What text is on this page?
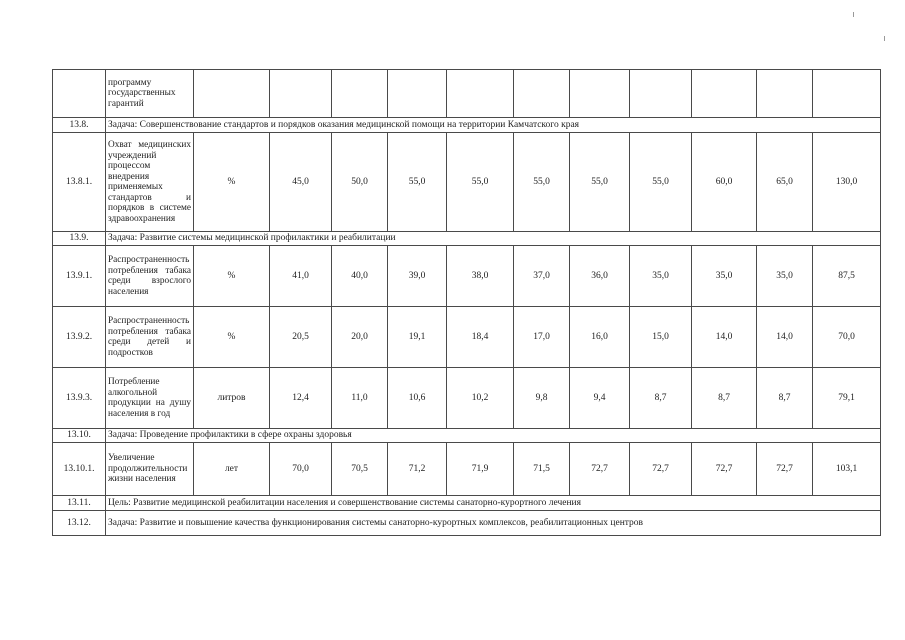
	программу государственных гарантий											
13.8.	Задача: Совершенствование стандартов и порядков оказания медицинской помощи на территории Камчатского края											
13.8.1.	Охват медицинских учреждений процессом внедрения применяемых стандартов и порядков в системе здравоохранения	%	45,0	50,0	55,0	55,0	55,0	55,0	55,0	60,0	65,0	130,0
13.9.	Задача: Развитие системы медицинской профилактики и реабилитации											
13.9.1.	Распространенность потребления табака среди взрослого населения	%	41,0	40,0	39,0	38,0	37,0	36,0	35,0	35,0	35,0	87,5
13.9.2.	Распространенность потребления табака среди детей и подростков	%	20,5	20,0	19,1	18,4	17,0	16,0	15,0	14,0	14,0	70,0
13.9.3.	Потребление алкогольной продукции на душу населения в год	литров	12,4	11,0	10,6	10,2	9,8	9,4	8,7	8,7	8,7	79,1
13.10.	Задача: Проведение профилактики в сфере охраны здоровья											
13.10.1.	Увеличение продолжительности жизни населения	лет	70,0	70,5	71,2	71,9	71,5	72,7	72,7	72,7	72,7	103,1
13.11.	Цель: Развитие медицинской реабилитации населения и совершенствование системы санаторно-курортного лечения											
13.12.	Задача: Развитие и повышение качества функционирования системы санаторно-курортных комплексов, реабилитационных центров											
